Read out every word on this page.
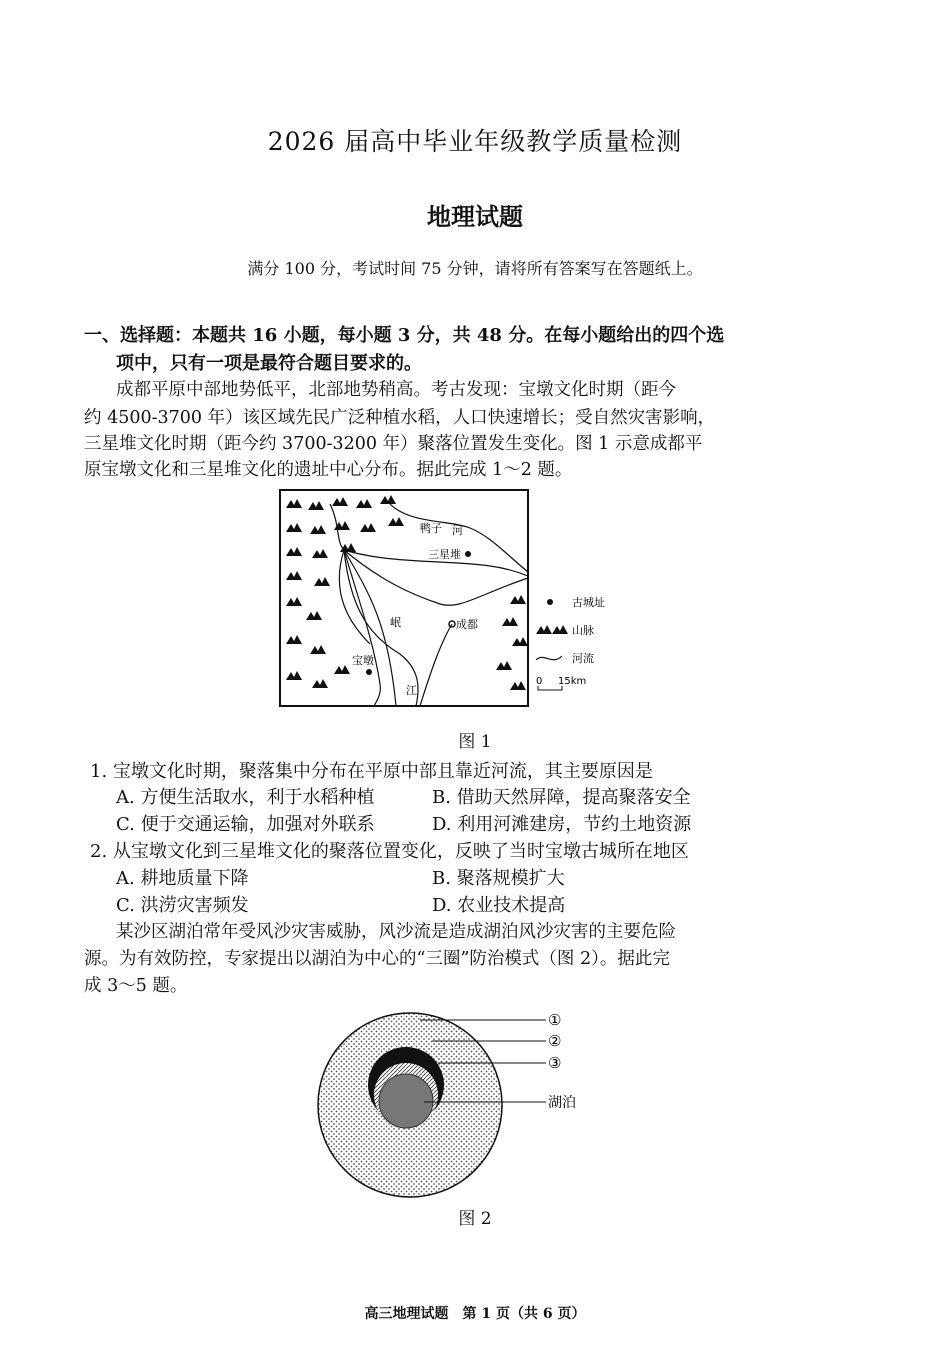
2026 届高中毕业年级教学质量检测
地理试题
满分 100 分，考试时间 75 分钟，请将所有答案写在答题纸上。
一、选择题：本题共 16 小题，每小题 3 分，共 48 分。在每小题给出的四个选
项中，只有一项是最符合题目要求的。
成都平原中部地势低平，北部地势稍高。考古发现：宝墩文化时期（距今
约 4500-3700 年）该区域先民广泛种植水稻，人口快速增长；受自然灾害影响，
三星堆文化时期（距今约 3700-3200 年）聚落位置发生变化。图 1 示意成都平
原宝墩文化和三星堆文化的遗址中心分布。据此完成 1～2 题。
鸭子 河
三星堆
成都
岷
江
宝墩
古城址
山脉
河流
0 15km
图 1
1. 宝墩文化时期，聚落集中分布在平原中部且靠近河流，其主要原因是
A. 方便生活取水，利于水稻种植	B. 借助天然屏障，提高聚落安全
C. 便于交通运输，加强对外联系	D. 利用河滩建房，节约土地资源
2. 从宝墩文化到三星堆文化的聚落位置变化，反映了当时宝墩古城所在地区
A. 耕地质量下降	B. 聚落规模扩大
C. 洪涝灾害频发	D. 农业技术提高
某沙区湖泊常年受风沙灾害威胁，风沙流是造成湖泊风沙灾害的主要危险
源。为有效防控，专家提出以湖泊为中心的“三圈”防治模式（图 2）。据此完
成 3～5 题。
①
②
③
湖泊
图 2
高三地理试题　第 1 页（共 6 页）
